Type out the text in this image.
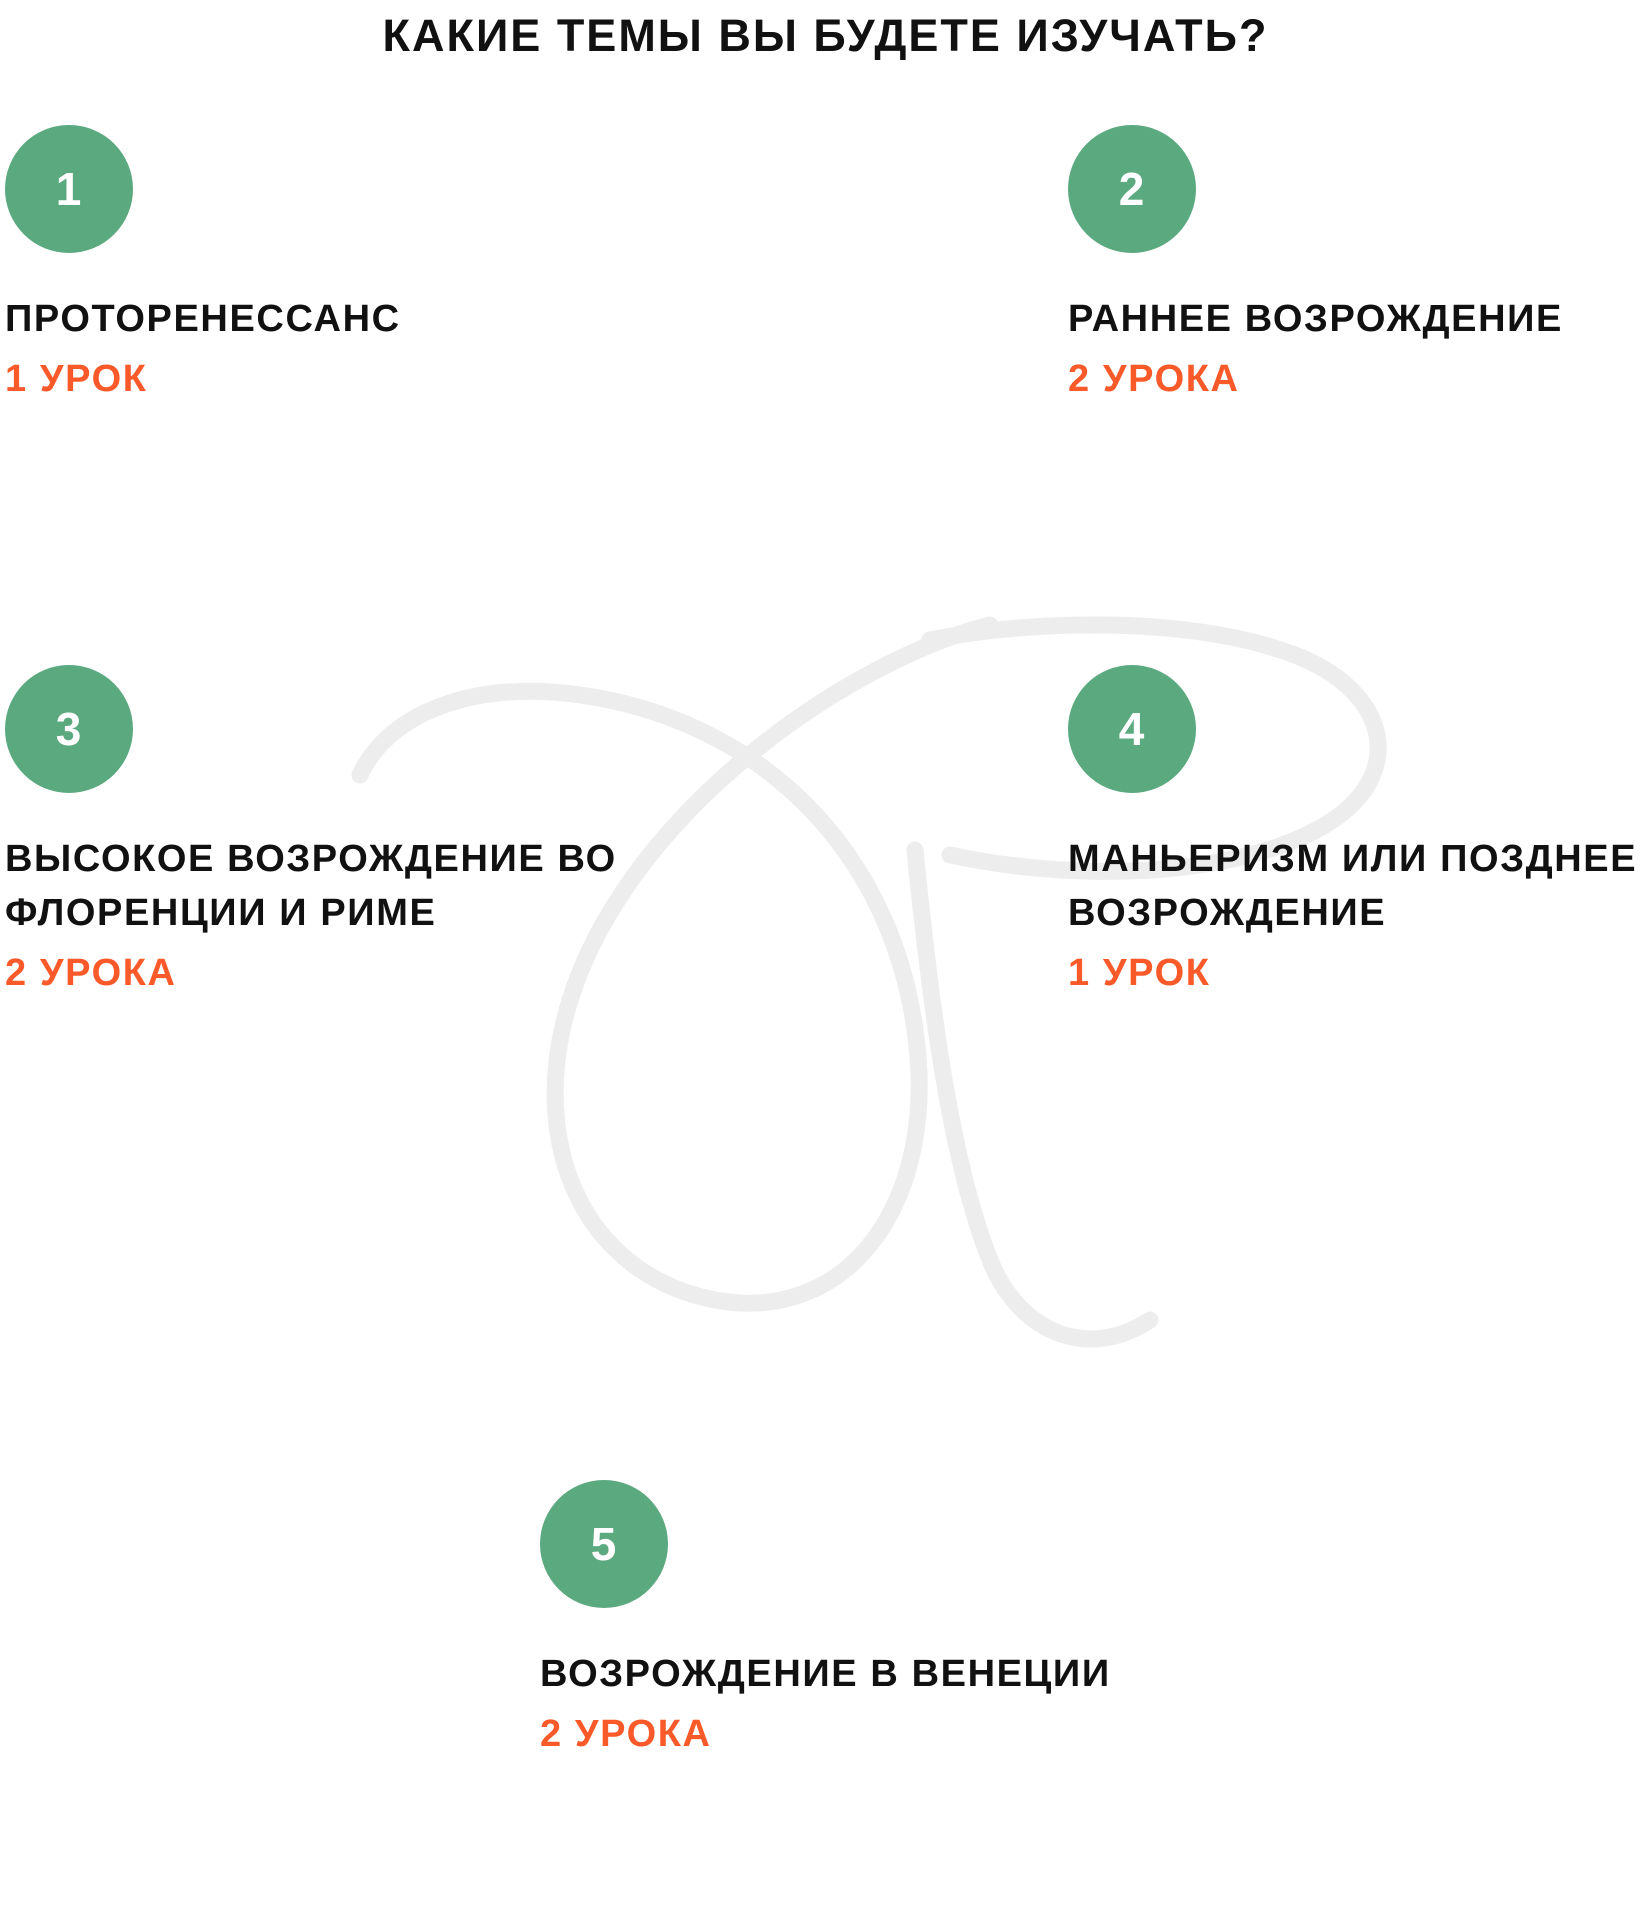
КАКИЕ ТЕМЫ ВЫ БУДЕТЕ ИЗУЧАТЬ?
1
ПРОТОРЕНЕССАНС
1 УРОК
2
РАННЕЕ ВОЗРОЖДЕНИЕ
2 УРОКА
3
ВЫСОКОЕ ВОЗРОЖДЕНИЕ ВО ФЛОРЕНЦИИ И РИМЕ
2 УРОКА
4
МАНЬЕРИЗМ ИЛИ ПОЗДНЕЕ ВОЗРОЖДЕНИЕ
1 УРОК
5
ВОЗРОЖДЕНИЕ В ВЕНЕЦИИ
2 УРОКА
